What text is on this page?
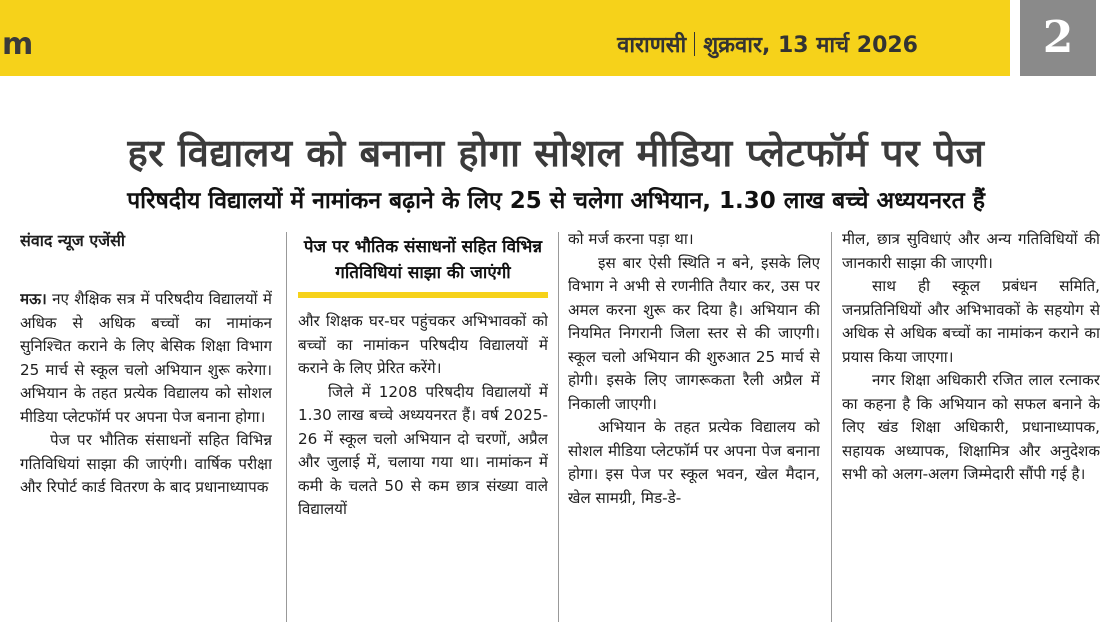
m	वाराणसी शुक्रवार, 13 मार्च 2026	2
हर विद्यालय को बनाना होगा सोशल मीडिया प्लेटफॉर्म पर पेज
परिषदीय विद्यालयों में नामांकन बढ़ाने के लिए 25 से चलेगा अभियान, 1.30 लाख बच्चे अध्ययनरत हैं

संवाद न्यूज एजेंसी

मऊ। नए शैक्षिक सत्र में परिषदीय विद्यालयों में अधिक से अधिक बच्चों का नामांकन सुनिश्चित कराने के लिए बेसिक शिक्षा विभाग 25 मार्च से स्कूल चलो अभियान शुरू करेगा। अभियान के तहत प्रत्येक विद्यालय को सोशल मीडिया प्लेटफॉर्म पर अपना पेज बनाना होगा।

पेज पर भौतिक संसाधनों सहित विभिन्न गतिविधियां साझा की जाएंगी। वार्षिक परीक्षा और रिपोर्ट कार्ड वितरण के बाद प्रधानाध्यापक

पेज पर भौतिक संसाधनों सहित विभिन्न गतिविधियां साझा की जाएंगी

और शिक्षक घर-घर पहुंचकर अभिभावकों को बच्चों का नामांकन परिषदीय विद्यालयों में कराने के लिए प्रेरित करेंगे।

जिले में 1208 परिषदीय विद्यालयों में 1.30 लाख बच्चे अध्ययनरत हैं। वर्ष 2025-26 में स्कूल चलो अभियान दो चरणों, अप्रैल और जुलाई में, चलाया गया था। नामांकन में कमी के चलते 50 से कम छात्र संख्या वाले विद्यालयों

को मर्ज करना पड़ा था।

इस बार ऐसी स्थिति न बने, इसके लिए विभाग ने अभी से रणनीति तैयार कर, उस पर अमल करना शुरू कर दिया है। अभियान की नियमित निगरानी जिला स्तर से की जाएगी। स्कूल चलो अभियान की शुरुआत 25 मार्च से होगी। इसके लिए जागरूकता रैली अप्रैल में निकाली जाएगी।

अभियान के तहत प्रत्येक विद्यालय को सोशल मीडिया प्लेटफॉर्म पर अपना पेज बनाना होगा। इस पेज पर स्कूल भवन, खेल मैदान, खेल सामग्री, मिड-डे-

मील, छात्र सुविधाएं और अन्य गतिविधियों की जानकारी साझा की जाएगी।

साथ ही स्कूल प्रबंधन समिति, जनप्रतिनिधियों और अभिभावकों के सहयोग से अधिक से अधिक बच्चों का नामांकन कराने का प्रयास किया जाएगा।

नगर शिक्षा अधिकारी रजित लाल रत्नाकर का कहना है कि अभियान को सफल बनाने के लिए खंड शिक्षा अधिकारी, प्रधानाध्यापक, सहायक अध्यापक, शिक्षामित्र और अनुदेशक सभी को अलग-अलग जिम्मेदारी सौंपी गई है।
